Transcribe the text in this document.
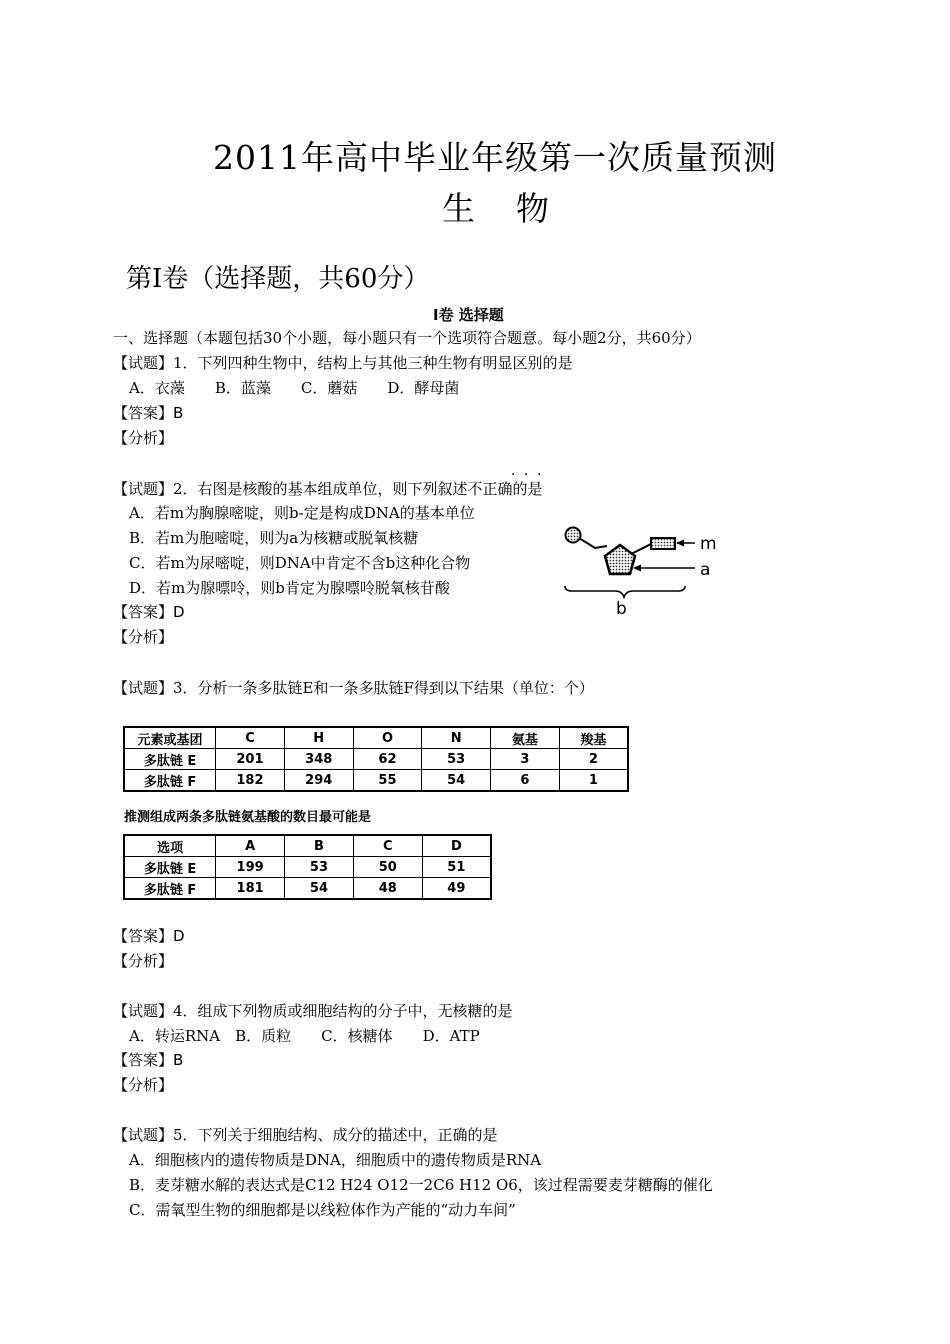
2011年高中毕业年级第一次质量预测
生　物
第Ⅰ卷（选择题，共60分）
Ⅰ卷 选择题
一、选择题（本题包括30个小题，每小题只有一个选项符合题意。每小题2分，共60分）
【试题】1．下列四种生物中，结构上与其他三种生物有明显区别的是
A．衣藻　　B．蓝藻　　C．蘑菇　　D．酵母菌
【答案】B
【分析】
．．．
【试题】2．右图是核酸的基本组成单位，则下列叙述不正确的是
A．若m为胸腺嘧啶，则b-定是构成DNA的基本单位
B．若m为胞嘧啶，则为a为核糖或脱氧核糖
C．若m为尿嘧啶，则DNA中肯定不含b这种化合物
D．若m为腺嘌呤，则b肯定为腺嘌呤脱氧核苷酸
【答案】D
【分析】
m
a
b
【试题】3．分析一条多肽链E和一条多肽链F得到以下结果（单位：个）
元素或基团	C	H	O	N	氨基	羧基
多肽链 E	201	348	62	53	3	2
多肽链 F	182	294	55	54	6	1
推测组成两条多肽链氨基酸的数目最可能是
选项	A	B	C	D
多肽链 E	199	53	50	51
多肽链 F	181	54	48	49
【答案】D
【分析】
【试题】4．组成下列物质或细胞结构的分子中，无核糖的是
A．转运RNA　B．质粒　　C．核糖体　　D．ATP
【答案】B
【分析】
【试题】5．下列关于细胞结构、成分的描述中，正确的是
A．细胞核内的遗传物质是DNA，细胞质中的遗传物质是RNA
B．麦芽糖水解的表达式是C12 H24 O12一2C6 H12 O6，该过程需要麦芽糖酶的催化
C．需氧型生物的细胞都是以线粒体作为产能的“动力车间”
